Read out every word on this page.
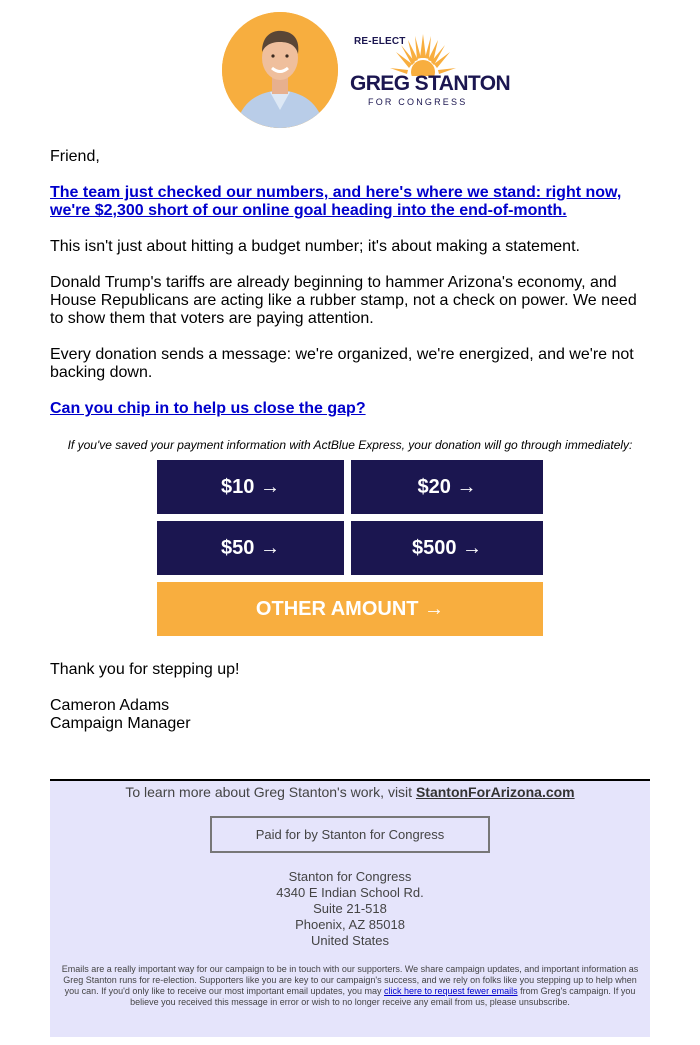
RE-ELECT
GREG STANTON
FOR CONGRESS

Friend,

The team just checked our numbers, and here's where we stand: right now, we're $2,300 short of our online goal heading into the end-of-month.

This isn't just about hitting a budget number; it's about making a statement.

Donald Trump's tariffs are already beginning to hammer Arizona's economy, and House Republicans are acting like a rubber stamp, not a check on power. We need to show them that voters are paying attention.

Every donation sends a message: we're organized, we're energized, and we're not backing down.

Can you chip in to help us close the gap?

If you've saved your payment information with ActBlue Express, your donation will go through immediately:
$10 →	$20 →
$50 →	$500 →
OTHER AMOUNT →

Thank you for stepping up!

Cameron Adams
Campaign Manager
To learn more about Greg Stanton's work, visit StantonForArizona.com
Paid for by Stanton for Congress
Stanton for Congress
4340 E Indian School Rd.
Suite 21-518
Phoenix, AZ 85018
United States
Emails are a really important way for our campaign to be in touch with our supporters. We share campaign updates, and important information as Greg Stanton runs for re-election. Supporters like you are key to our campaign's success, and we rely on folks like you stepping up to help when you can. If you'd only like to receive our most important email updates, you may click here to request fewer emails from Greg's campaign. If you believe you received this message in error or wish to no longer receive any email from us, please unsubscribe.
